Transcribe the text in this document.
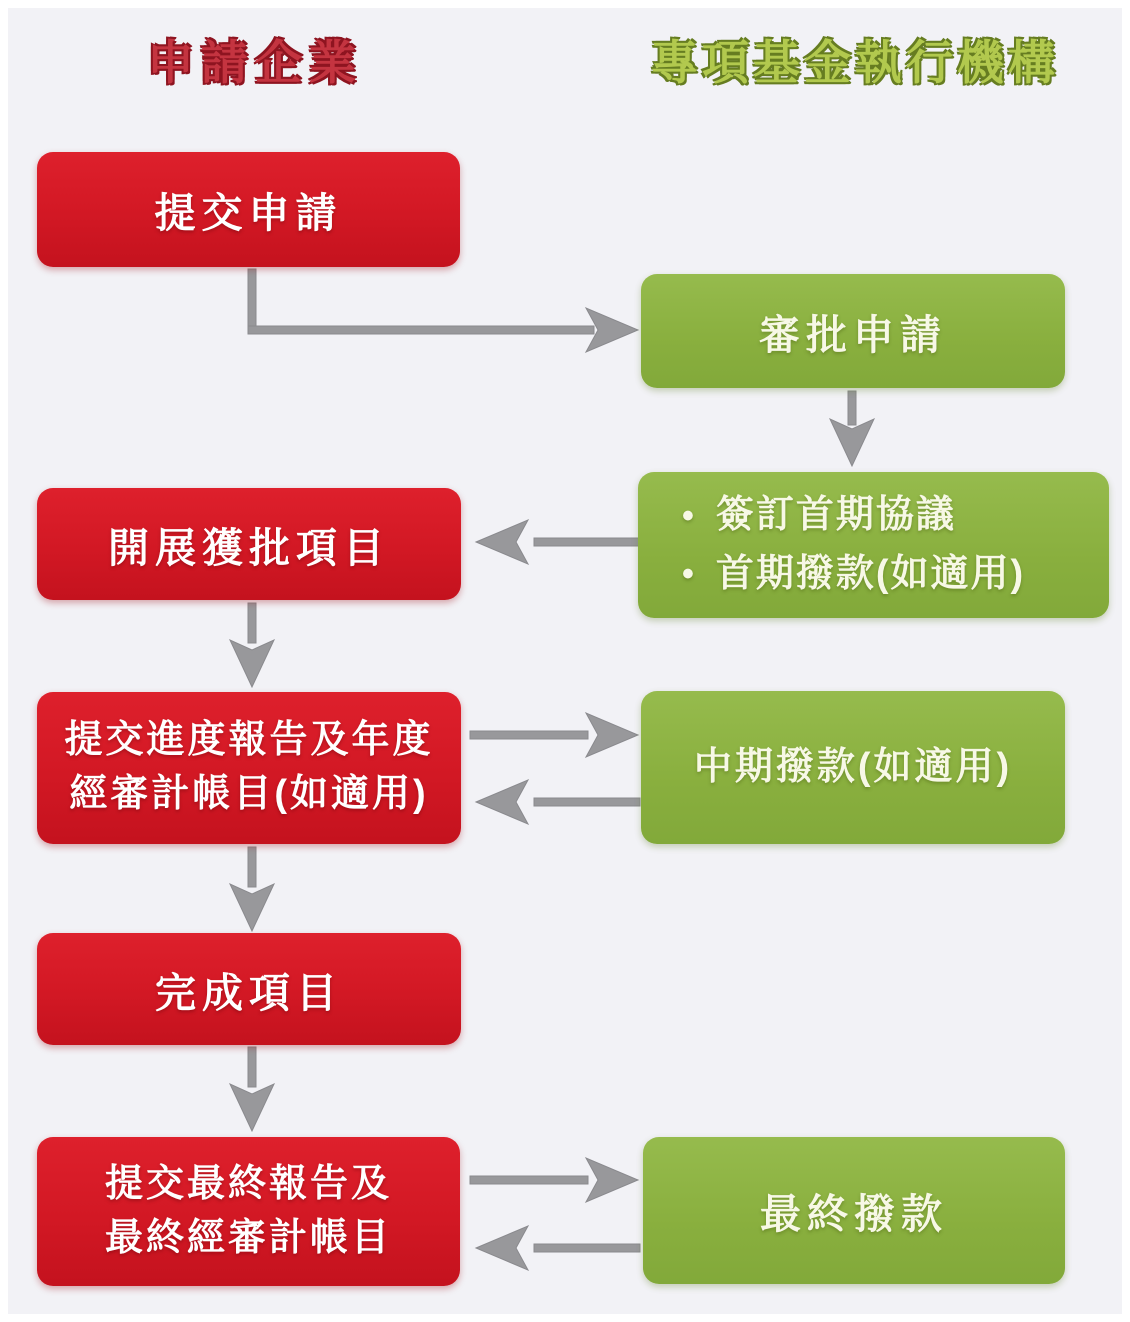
申請企業	專項基金執行機構
提交申請
審批申請
• 簽訂首期協議
• 首期撥款(如適用)
開展獲批項目
提交進度報告及年度
經審計帳目(如適用)
中期撥款(如適用)
完成項目
提交最終報告及
最終經審計帳目
最終撥款
